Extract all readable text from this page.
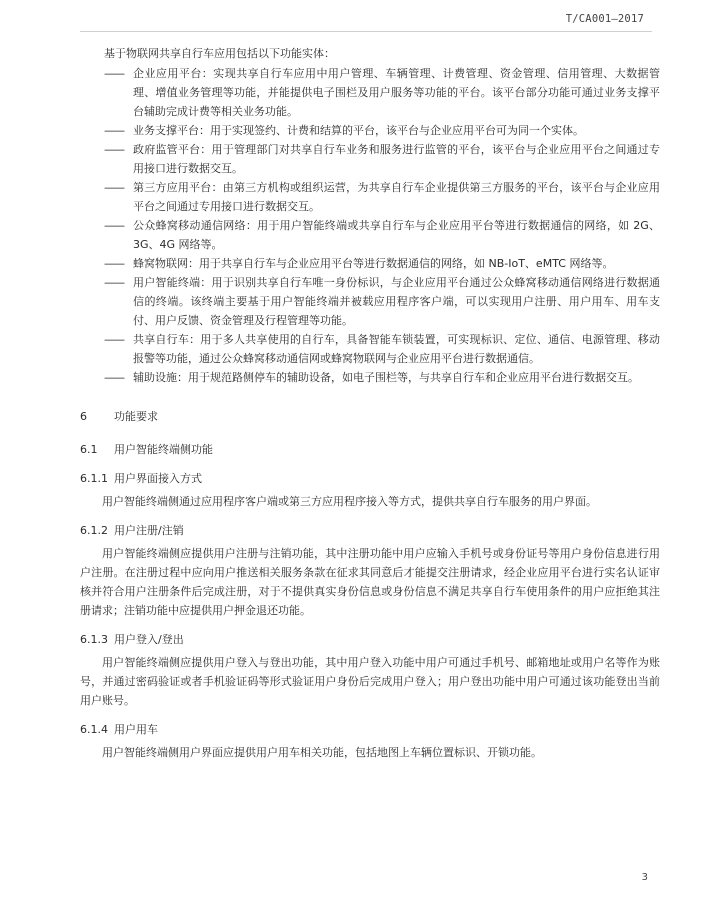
T/CA001—2017

基于物联网共享自行车应用包括以下功能实体：

—— 企业应用平台：实现共享自行车应用中用户管理、车辆管理、计费管理、资金管理、信用管理、大数据管理、增值业务管理等功能，并能提供电子围栏及用户服务等功能的平台。该平台部分功能可通过业务支撑平台辅助完成计费等相关业务功能。

—— 业务支撑平台：用于实现签约、计费和结算的平台，该平台与企业应用平台可为同一个实体。

—— 政府监管平台：用于管理部门对共享自行车业务和服务进行监管的平台，该平台与企业应用平台之间通过专用接口进行数据交互。

—— 第三方应用平台：由第三方机构或组织运营，为共享自行车企业提供第三方服务的平台，该平台与企业应用平台之间通过专用接口进行数据交互。

—— 公众蜂窝移动通信网络：用于用户智能终端或共享自行车与企业应用平台等进行数据通信的网络，如 2G、3G、4G 网络等。

—— 蜂窝物联网：用于共享自行车与企业应用平台等进行数据通信的网络，如 NB-IoT、eMTC 网络等。

—— 用户智能终端：用于识别共享自行车唯一身份标识，与企业应用平台通过公众蜂窝移动通信网络进行数据通信的终端。该终端主要基于用户智能终端并被载应用程序客户端，可以实现用户注册、用户用车、用车支付、用户反馈、资金管理及行程管理等功能。

—— 共享自行车：用于多人共享使用的自行车，具备智能车锁装置，可实现标识、定位、通信、电源管理、移动报警等功能，通过公众蜂窝移动通信网或蜂窝物联网与企业应用平台进行数据通信。

—— 辅助设施：用于规范路侧停车的辅助设备，如电子围栏等，与共享自行车和企业应用平台进行数据交互。

6 功能要求
6.1 用户智能终端侧功能
6.1.1 用户界面接入方式

用户智能终端侧通过应用程序客户端或第三方应用程序接入等方式，提供共享自行车服务的用户界面。

6.1.2 用户注册/注销

用户智能终端侧应提供用户注册与注销功能，其中注册功能中用户应输入手机号或身份证号等用户身份信息进行用户注册。在注册过程中应向用户推送相关服务条款在征求其同意后才能提交注册请求，经企业应用平台进行实名认证审核并符合用户注册条件后完成注册，对于不提供真实身份信息或身份信息不满足共享自行车使用条件的用户应拒绝其注册请求；注销功能中应提供用户押金退还功能。

6.1.3 用户登入/登出

用户智能终端侧应提供用户登入与登出功能，其中用户登入功能中用户可通过手机号、邮箱地址或用户名等作为账号，并通过密码验证或者手机验证码等形式验证用户身份后完成用户登入；用户登出功能中用户可通过该功能登出当前用户账号。

6.1.4 用户用车

用户智能终端侧用户界面应提供用户用车相关功能，包括地图上车辆位置标识、开锁功能。

3
